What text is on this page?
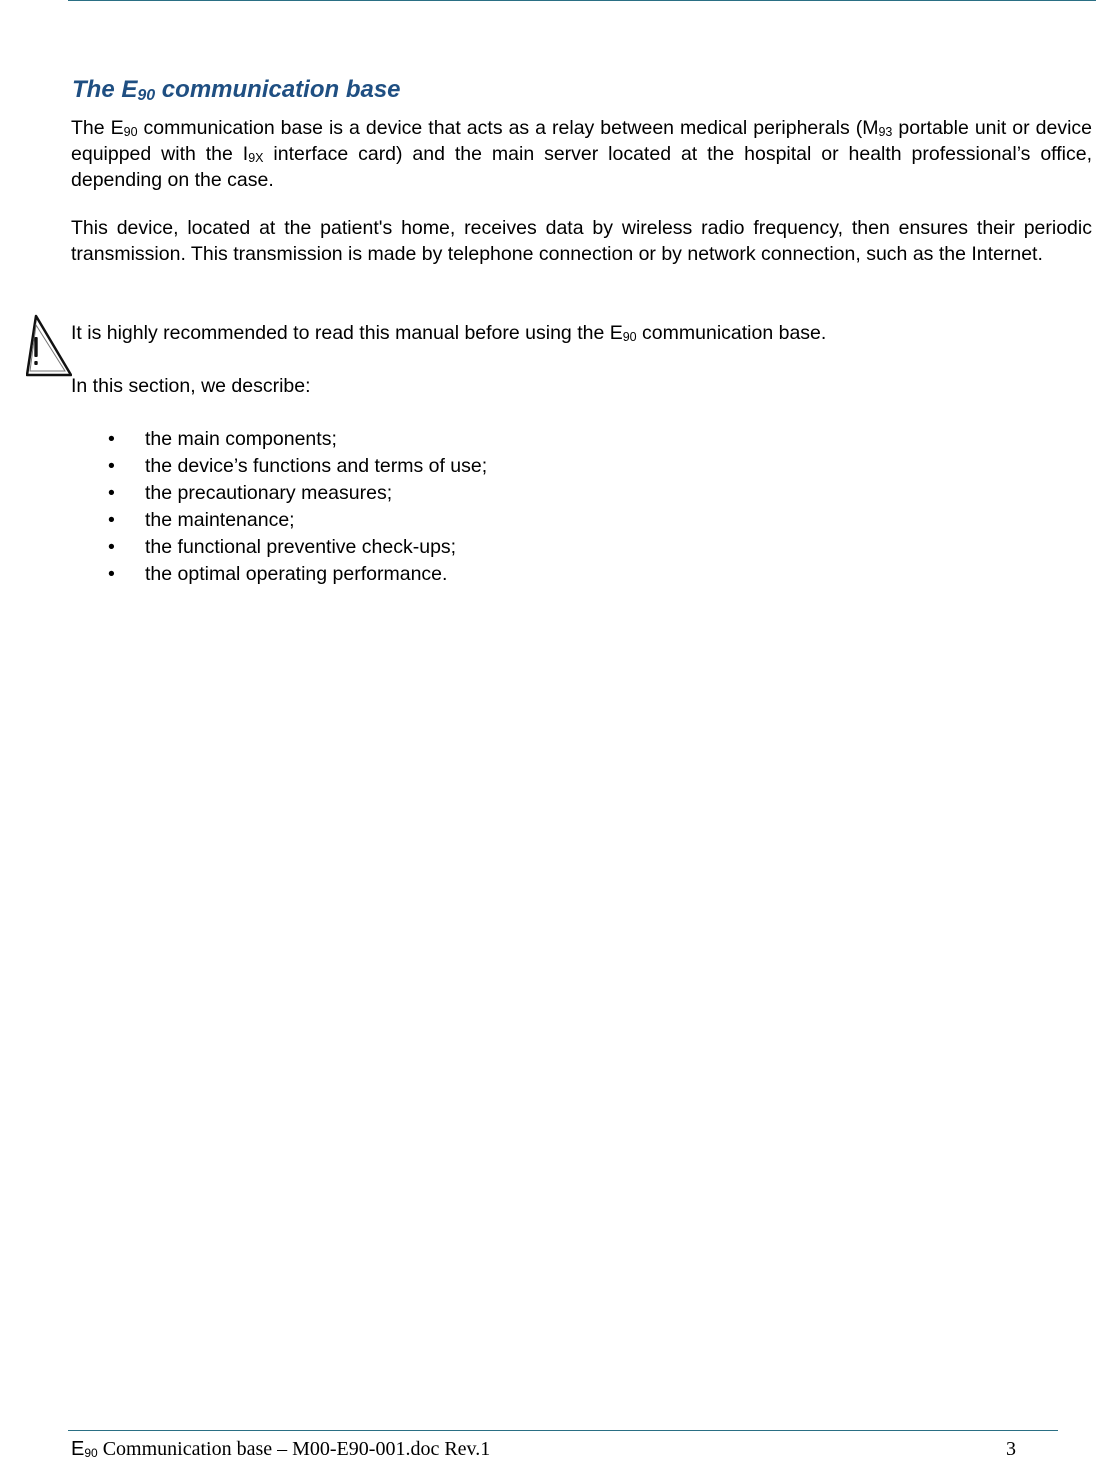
The $E_{90}$ communication base

The $E_{90}$ communication base is a device that acts as a relay between medical peripherals ($M_{93}$ portable unit or device equipped with the $I_{9X}$ interface card) and the main server located at the hospital or health professional’s office, depending on the case.

This device, located at the patient's home, receives data by wireless radio frequency, then ensures their periodic transmission. This transmission is made by telephone connection or by network connection, such as the Internet.

It is highly recommended to read this manual before using the $E_{90}$ communication base.

In this section, we describe:

• the main components;
• the device’s functions and terms of use;
• the precautionary measures;
• the maintenance;
• the functional preventive check-ups;
• the optimal operating performance.
$E_{90}$ Communication base – M00-E90-001.doc Rev.1	3
